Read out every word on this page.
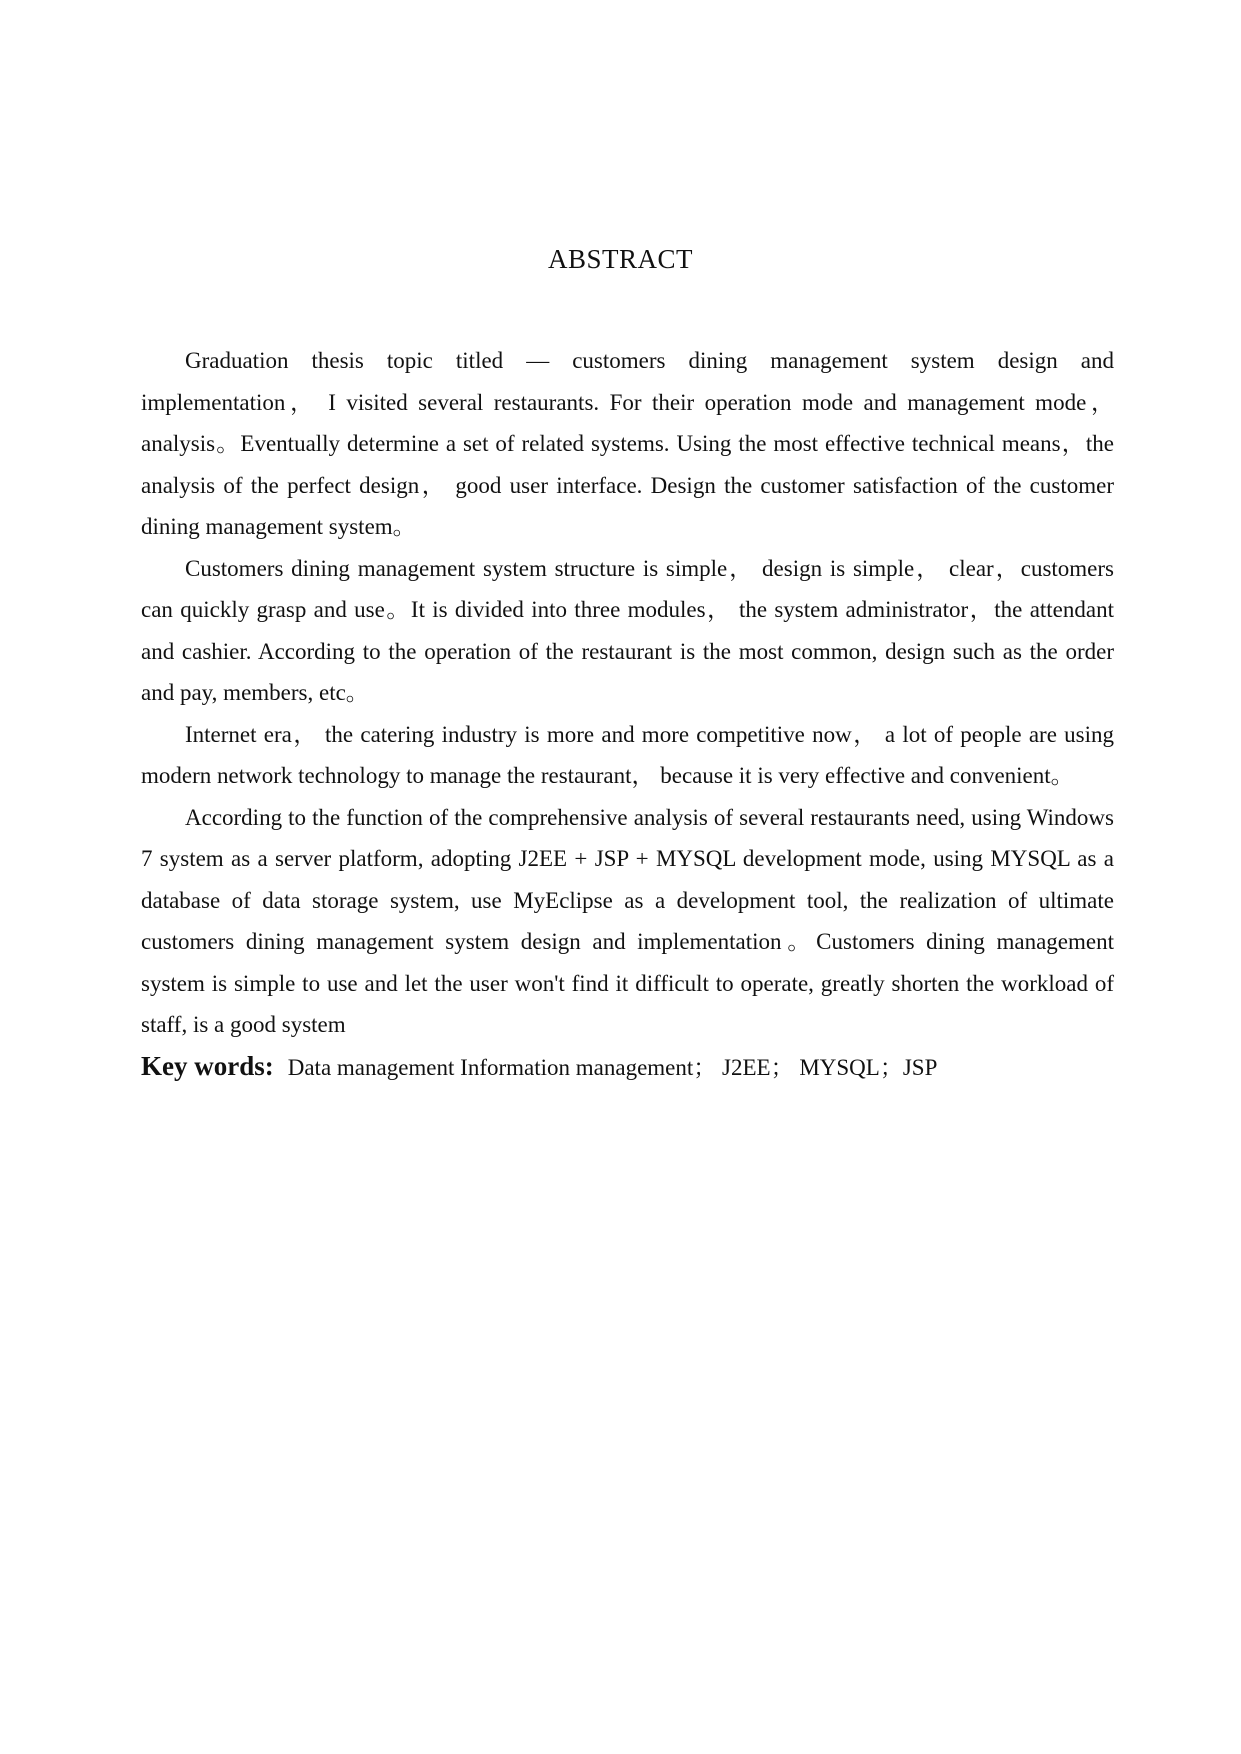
ABSTRACT

Graduation thesis topic titled — customers dining management system design and implementation， I visited several restaurants. For their operation mode and management mode，analysis。Eventually determine a set of related systems. Using the most effective technical means，the analysis of the perfect design， good user interface. Design the customer satisfaction of the customer dining management system。

Customers dining management system structure is simple， design is simple， clear，customers can quickly grasp and use。It is divided into three modules， the system administrator，the attendant and cashier. According to the operation of the restaurant is the most common, design such as the order and pay, members, etc。

Internet era， the catering industry is more and more competitive now， a lot of people are using modern network technology to manage the restaurant， because it is very effective and convenient。

According to the function of the comprehensive analysis of several restaurants need, using Windows 7 system as a server platform, adopting J2EE + JSP + MYSQL development mode, using MYSQL as a database of data storage system, use MyEclipse as a development tool, the realization of ultimate customers dining management system design and implementation。Customers dining management system is simple to use and let the user won't find it difficult to operate, greatly shorten the workload of staff, is a good system

Key words: Data management Information management； J2EE； MYSQL；JSP
